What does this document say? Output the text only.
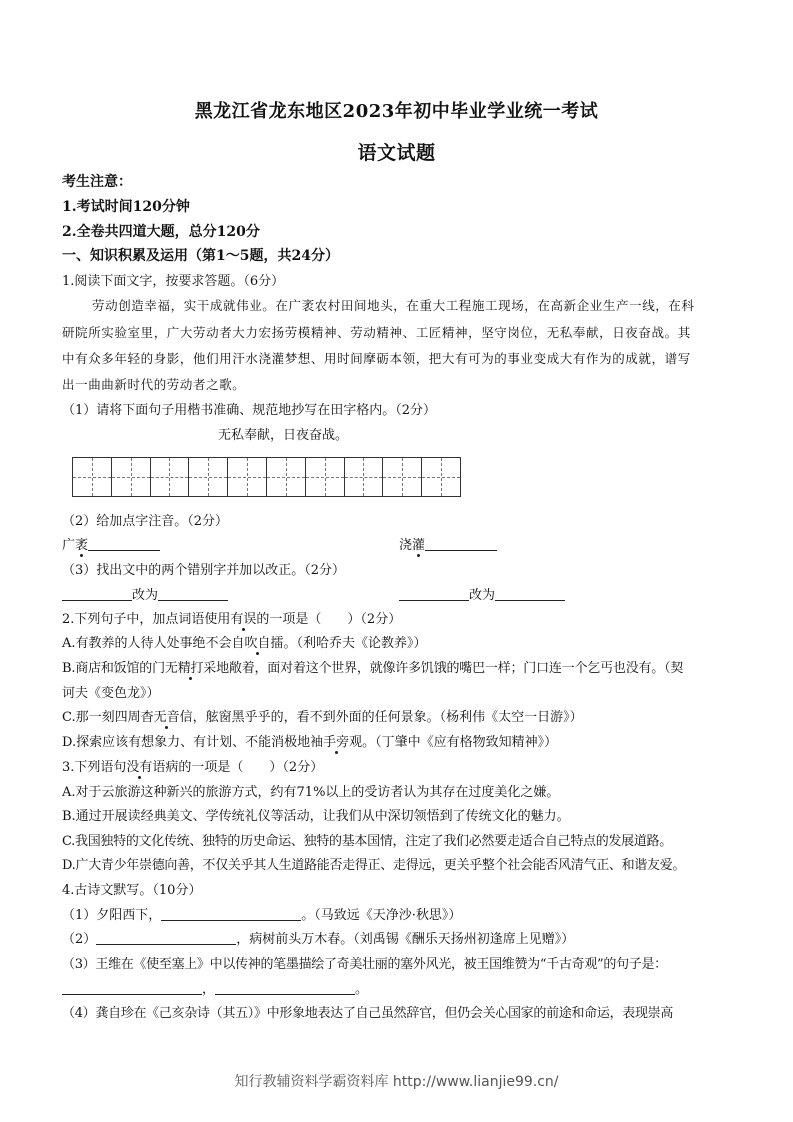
黑龙江省龙东地区2023年初中毕业学业统一考试
语文试题
考生注意：
1.考试时间120分钟
2.全卷共四道大题，总分120分
一、知识积累及运用（第1～5题，共24分）
1.阅读下面文字，按要求答题。（6分）
劳动创造幸福，实干成就伟业。在广袤农村田间地头，在重大工程施工现场，在高新企业生产一线，在科
研院所实验室里，广大劳动者大力宏扬劳模精神、劳动精神、工匠精神，坚守岗位，无私奉献，日夜奋战。其
中有众多年轻的身影，他们用汗水浇灌梦想、用时间摩砺本领，把大有可为的事业变成大有作为的成就，谱写
出一曲曲新时代的劳动者之歌。
（1）请将下面句子用楷书准确、规范地抄写在田字格内。（2分）
无私奉献，日夜奋战。
（2）给加点字注音。（2分）
广袤	浇灌
（3）找出文中的两个错别字并加以改正。（2分）
改为	改为
2.下列句子中，加点词语使用有误的一项是（　　）（2分）
A.有教养的人待人处事绝不会自吹自擂。（利哈乔夫《论教养》）
B.商店和饭馆的门无精打采地敞着，面对着这个世界，就像许多饥饿的嘴巴一样；门口连一个乞丐也没有。（契
诃夫《变色龙》）
C.那一刻四周杳无音信，舷窗黑乎乎的，看不到外面的任何景象。（杨利伟《太空一日游》）
D.探索应该有想象力、有计划、不能消极地袖手旁观。（丁肇中《应有格物致知精神》）
3.下列语句没有语病的一项是（　　）（2分）
A.对于云旅游这种新兴的旅游方式，约有71%以上的受访者认为其存在过度美化之嫌。
B.通过开展读经典美文、学传统礼仪等活动，让我们从中深切领悟到了传统文化的魅力。
C.我国独特的文化传统、独特的历史命运、独特的基本国情，注定了我们必然要走适合自己特点的发展道路。
D.广大青少年崇德向善，不仅关乎其人生道路能否走得正、走得远，更关乎整个社会能否风清气正、和谐友爱。
4.古诗文默写。（10分）
（1）夕阳西下，	。（马致远《天净沙·秋思》）
（2）	，病树前头万木春。（刘禹锡《酬乐天扬州初逢席上见赠》）
（3）王维在《使至塞上》中以传神的笔墨描绘了奇美壮丽的塞外风光，被王国维赞为“千古奇观”的句子是：
，	。
（4）龚自珍在《己亥杂诗（其五）》中形象地表达了自己虽然辞官，但仍会关心国家的前途和命运，表现崇高
知行教辅资料学霸资料库 http://www.lianjie99.cn/
